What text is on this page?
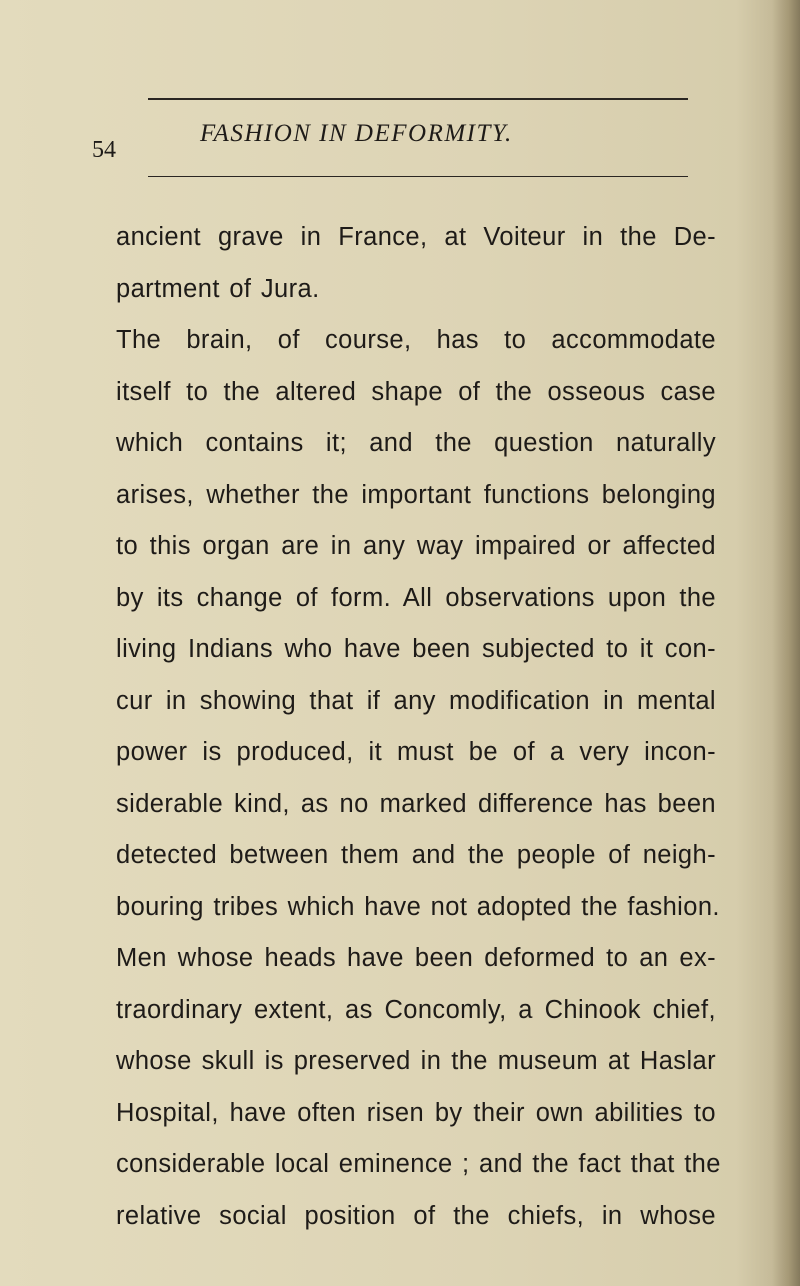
54
FASHION IN DEFORMITY.
ancient grave in France, at Voiteur in the De-
partment of Jura.
The brain, of course, has to accommodate
itself to the altered shape of the osseous case
which contains it; and the question naturally
arises, whether the important functions belonging
to this organ are in any way impaired or affected
by its change of form. All observations upon the
living Indians who have been subjected to it con-
cur in showing that if any modification in mental
power is produced, it must be of a very incon-
siderable kind, as no marked difference has been
detected between them and the people of neigh-
bouring tribes which have not adopted the fashion.
Men whose heads have been deformed to an ex-
traordinary extent, as Concomly, a Chinook chief,
whose skull is preserved in the museum at Haslar
Hospital, have often risen by their own abilities to
considerable local eminence ; and the fact that the
relative social position of the chiefs, in whose
